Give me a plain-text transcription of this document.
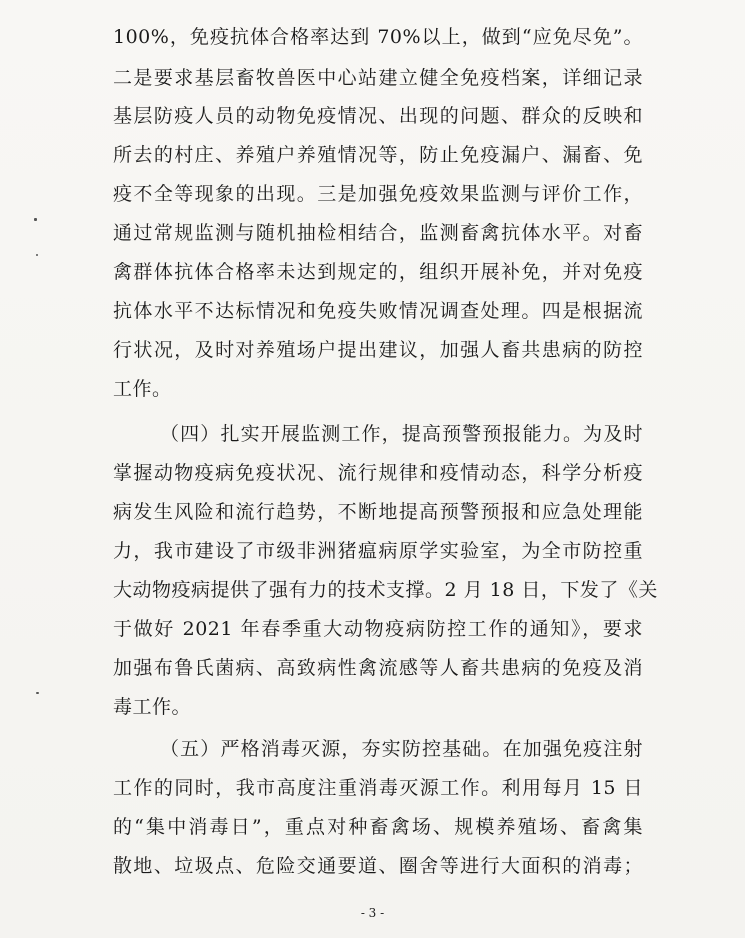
100%，免疫抗体合格率达到 70%以上，做到“应免尽免”。
二是要求基层畜牧兽医中心站建立健全免疫档案，详细记录
基层防疫人员的动物免疫情况、出现的问题、群众的反映和
所去的村庄、养殖户养殖情况等，防止免疫漏户、漏畜、免
疫不全等现象的出现。三是加强免疫效果监测与评价工作，
通过常规监测与随机抽检相结合，监测畜禽抗体水平。对畜
禽群体抗体合格率未达到规定的，组织开展补免，并对免疫
抗体水平不达标情况和免疫失败情况调查处理。四是根据流
行状况，及时对养殖场户提出建议，加强人畜共患病的防控
工作。
（四）扎实开展监测工作，提高预警预报能力。为及时
掌握动物疫病免疫状况、流行规律和疫情动态，科学分析疫
病发生风险和流行趋势，不断地提高预警预报和应急处理能
力，我市建设了市级非洲猪瘟病原学实验室，为全市防控重
大动物疫病提供了强有力的技术支撑。2 月 18 日，下发了《关
于做好 2021 年春季重大动物疫病防控工作的通知》，要求
加强布鲁氏菌病、高致病性禽流感等人畜共患病的免疫及消
毒工作。
（五）严格消毒灭源，夯实防控基础。在加强免疫注射
工作的同时，我市高度注重消毒灭源工作。利用每月 15 日
的“集中消毒日”，重点对种畜禽场、规模养殖场、畜禽集
散地、垃圾点、危险交通要道、圈舍等进行大面积的消毒；
- 3 -
